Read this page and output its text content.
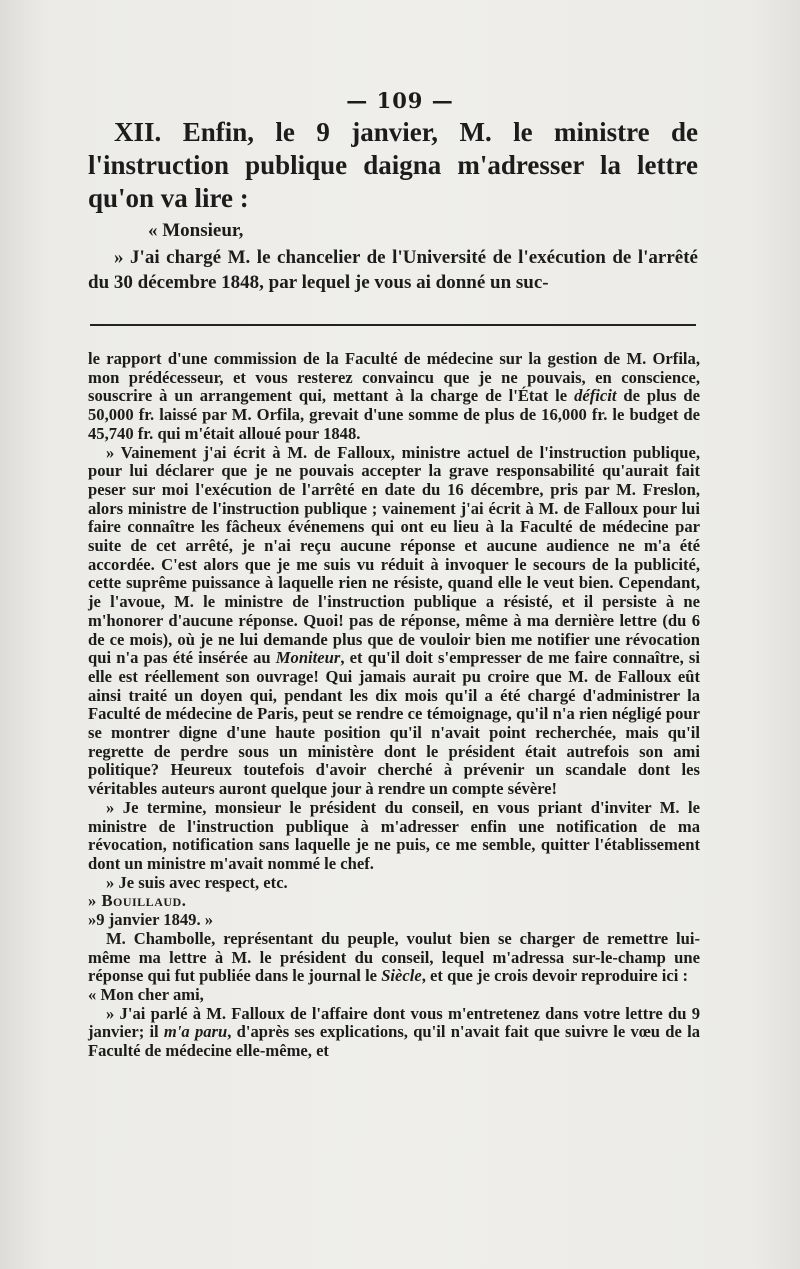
— 109 —

XII. Enfin, le 9 janvier, M. le ministre de l'instruction publique daigna m'adresser la lettre qu'on va lire :

« Monsieur,

» J'ai chargé M. le chancelier de l'Université de l'exécution de l'arrêté du 30 décembre 1848, par lequel je vous ai donné un suc-

le rapport d'une commission de la Faculté de médecine sur la gestion de M. Orfila, mon prédécesseur, et vous resterez convaincu que je ne pouvais, en conscience, souscrire à un arrangement qui, mettant à la charge de l'État le déficit de plus de 50,000 fr. laissé par M. Orfila, grevait d'une somme de plus de 16,000 fr. le budget de 45,740 fr. qui m'était alloué pour 1848.

» Vainement j'ai écrit à M. de Falloux, ministre actuel de l'instruction publique, pour lui déclarer que je ne pouvais accepter la grave responsabilité qu'aurait fait peser sur moi l'exécution de l'arrêté en date du 16 décembre, pris par M. Freslon, alors ministre de l'instruction publique ; vainement j'ai écrit à M. de Falloux pour lui faire connaître les fâcheux événemens qui ont eu lieu à la Faculté de médecine par suite de cet arrêté, je n'ai reçu aucune réponse et aucune audience ne m'a été accordée. C'est alors que je me suis vu réduit à invoquer le secours de la publicité, cette suprême puissance à laquelle rien ne résiste, quand elle le veut bien. Cependant, je l'avoue, M. le ministre de l'instruction publique a résisté, et il persiste à ne m'honorer d'aucune réponse. Quoi! pas de réponse, même à ma dernière lettre (du 6 de ce mois), où je ne lui demande plus que de vouloir bien me notifier une révocation qui n'a pas été insérée au Moniteur, et qu'il doit s'empresser de me faire connaître, si elle est réellement son ouvrage! Qui jamais aurait pu croire que M. de Falloux eût ainsi traité un doyen qui, pendant les dix mois qu'il a été chargé d'administrer la Faculté de médecine de Paris, peut se rendre ce témoignage, qu'il n'a rien négligé pour se montrer digne d'une haute position qu'il n'avait point recherchée, mais qu'il regrette de perdre sous un ministère dont le président était autrefois son ami politique? Heureux toutefois d'avoir cherché à prévenir un scandale dont les véritables auteurs auront quelque jour à rendre un compte sévère!

» Je termine, monsieur le président du conseil, en vous priant d'inviter M. le ministre de l'instruction publique à m'adresser enfin une notification de ma révocation, notification sans laquelle je ne puis, ce me semble, quitter l'établissement dont un ministre m'avait nommé le chef.

» Je suis avec respect, etc.

» Bouillaud.

»9 janvier 1849. »

M. Chambolle, représentant du peuple, voulut bien se charger de remettre lui-même ma lettre à M. le président du conseil, lequel m'adressa sur-le-champ une réponse qui fut publiée dans le journal le Siècle, et que je crois devoir reproduire ici :

« Mon cher ami,

» J'ai parlé à M. Falloux de l'affaire dont vous m'entretenez dans votre lettre du 9 janvier; il m'a paru, d'après ses explications, qu'il n'avait fait que suivre le vœu de la Faculté de médecine elle-même, et
